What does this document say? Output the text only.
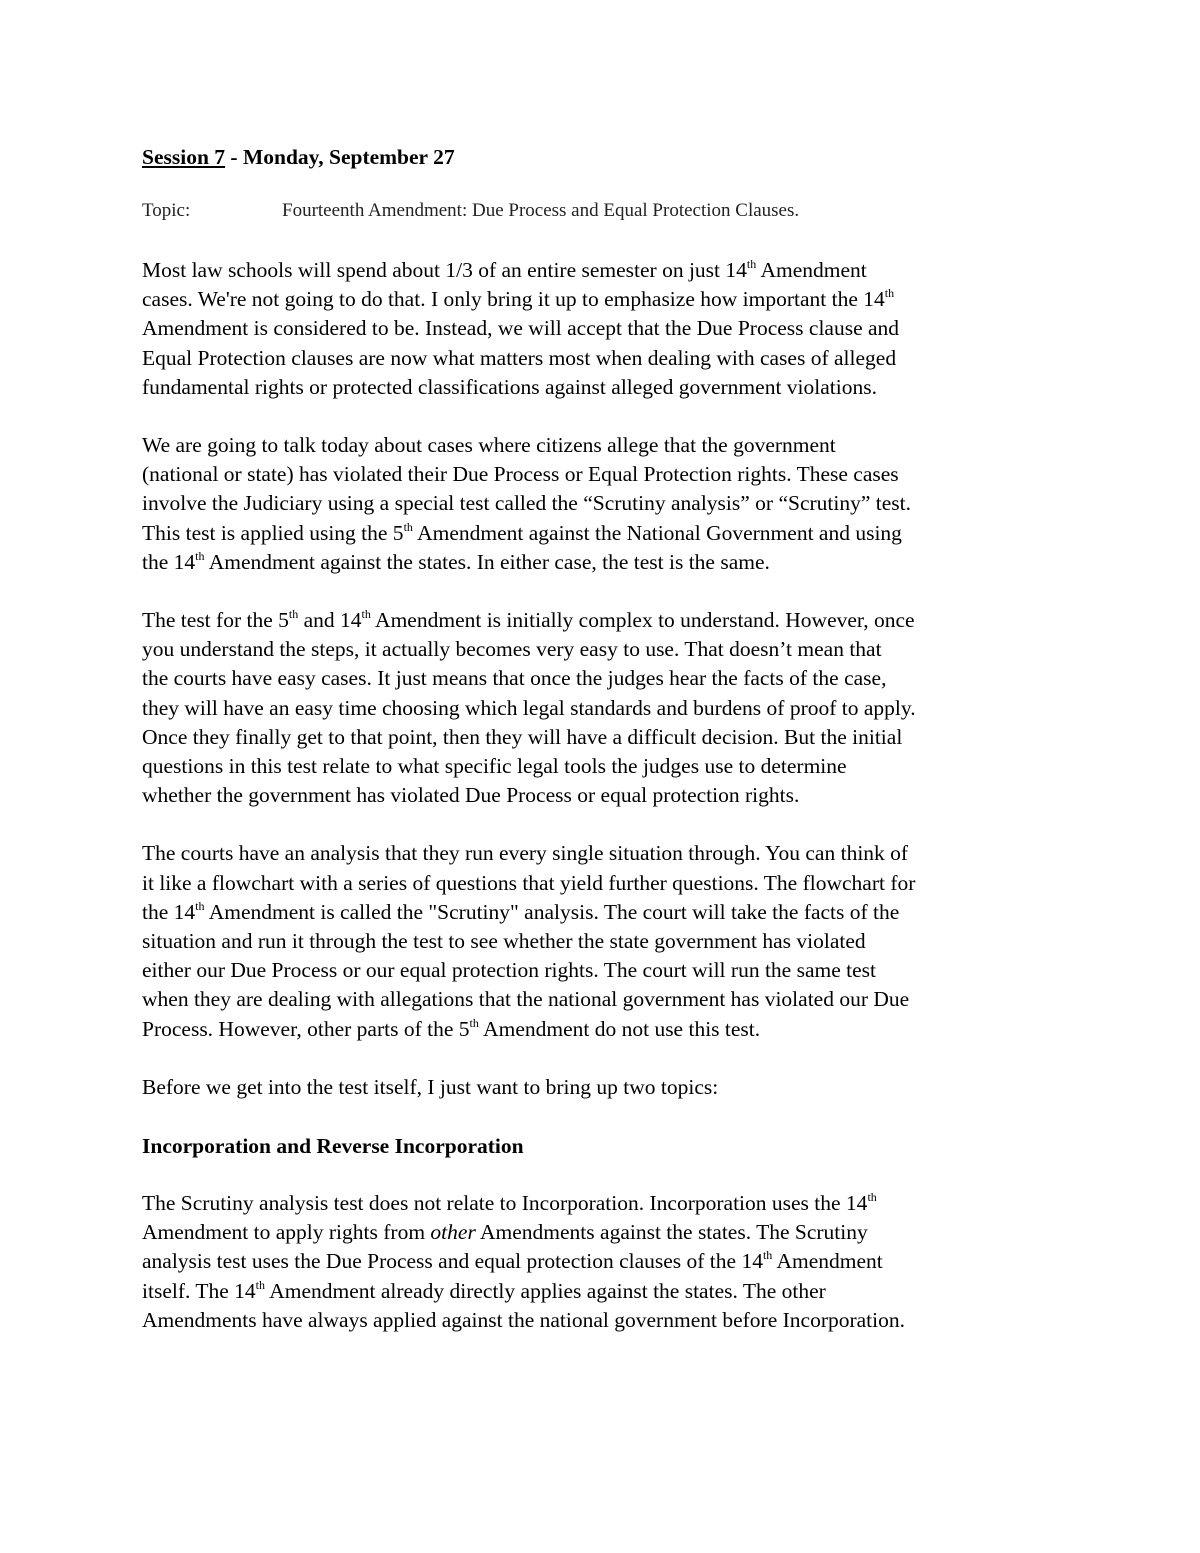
Session 7 - Monday, September 27
Topic:	Fourteenth Amendment: Due Process and Equal Protection Clauses.
Most law schools will spend about 1/3 of an entire semester on just 14th Amendment
cases. We're not going to do that. I only bring it up to emphasize how important the 14th
Amendment is considered to be. Instead, we will accept that the Due Process clause and
Equal Protection clauses are now what matters most when dealing with cases of alleged
fundamental rights or protected classifications against alleged government violations.
We are going to talk today about cases where citizens allege that the government
(national or state) has violated their Due Process or Equal Protection rights. These cases
involve the Judiciary using a special test called the “Scrutiny analysis” or “Scrutiny” test.
This test is applied using the 5th Amendment against the National Government and using
the 14th Amendment against the states. In either case, the test is the same.
The test for the 5th and 14th Amendment is initially complex to understand. However, once
you understand the steps, it actually becomes very easy to use. That doesn’t mean that
the courts have easy cases. It just means that once the judges hear the facts of the case,
they will have an easy time choosing which legal standards and burdens of proof to apply.
Once they finally get to that point, then they will have a difficult decision. But the initial
questions in this test relate to what specific legal tools the judges use to determine
whether the government has violated Due Process or equal protection rights.
The courts have an analysis that they run every single situation through. You can think of
it like a flowchart with a series of questions that yield further questions. The flowchart for
the 14th Amendment is called the "Scrutiny" analysis. The court will take the facts of the
situation and run it through the test to see whether the state government has violated
either our Due Process or our equal protection rights. The court will run the same test
when they are dealing with allegations that the national government has violated our Due
Process. However, other parts of the 5th Amendment do not use this test.
Before we get into the test itself, I just want to bring up two topics:
Incorporation and Reverse Incorporation
The Scrutiny analysis test does not relate to Incorporation. Incorporation uses the 14th
Amendment to apply rights from other Amendments against the states. The Scrutiny
analysis test uses the Due Process and equal protection clauses of the 14th Amendment
itself. The 14th Amendment already directly applies against the states. The other
Amendments have always applied against the national government before Incorporation.
